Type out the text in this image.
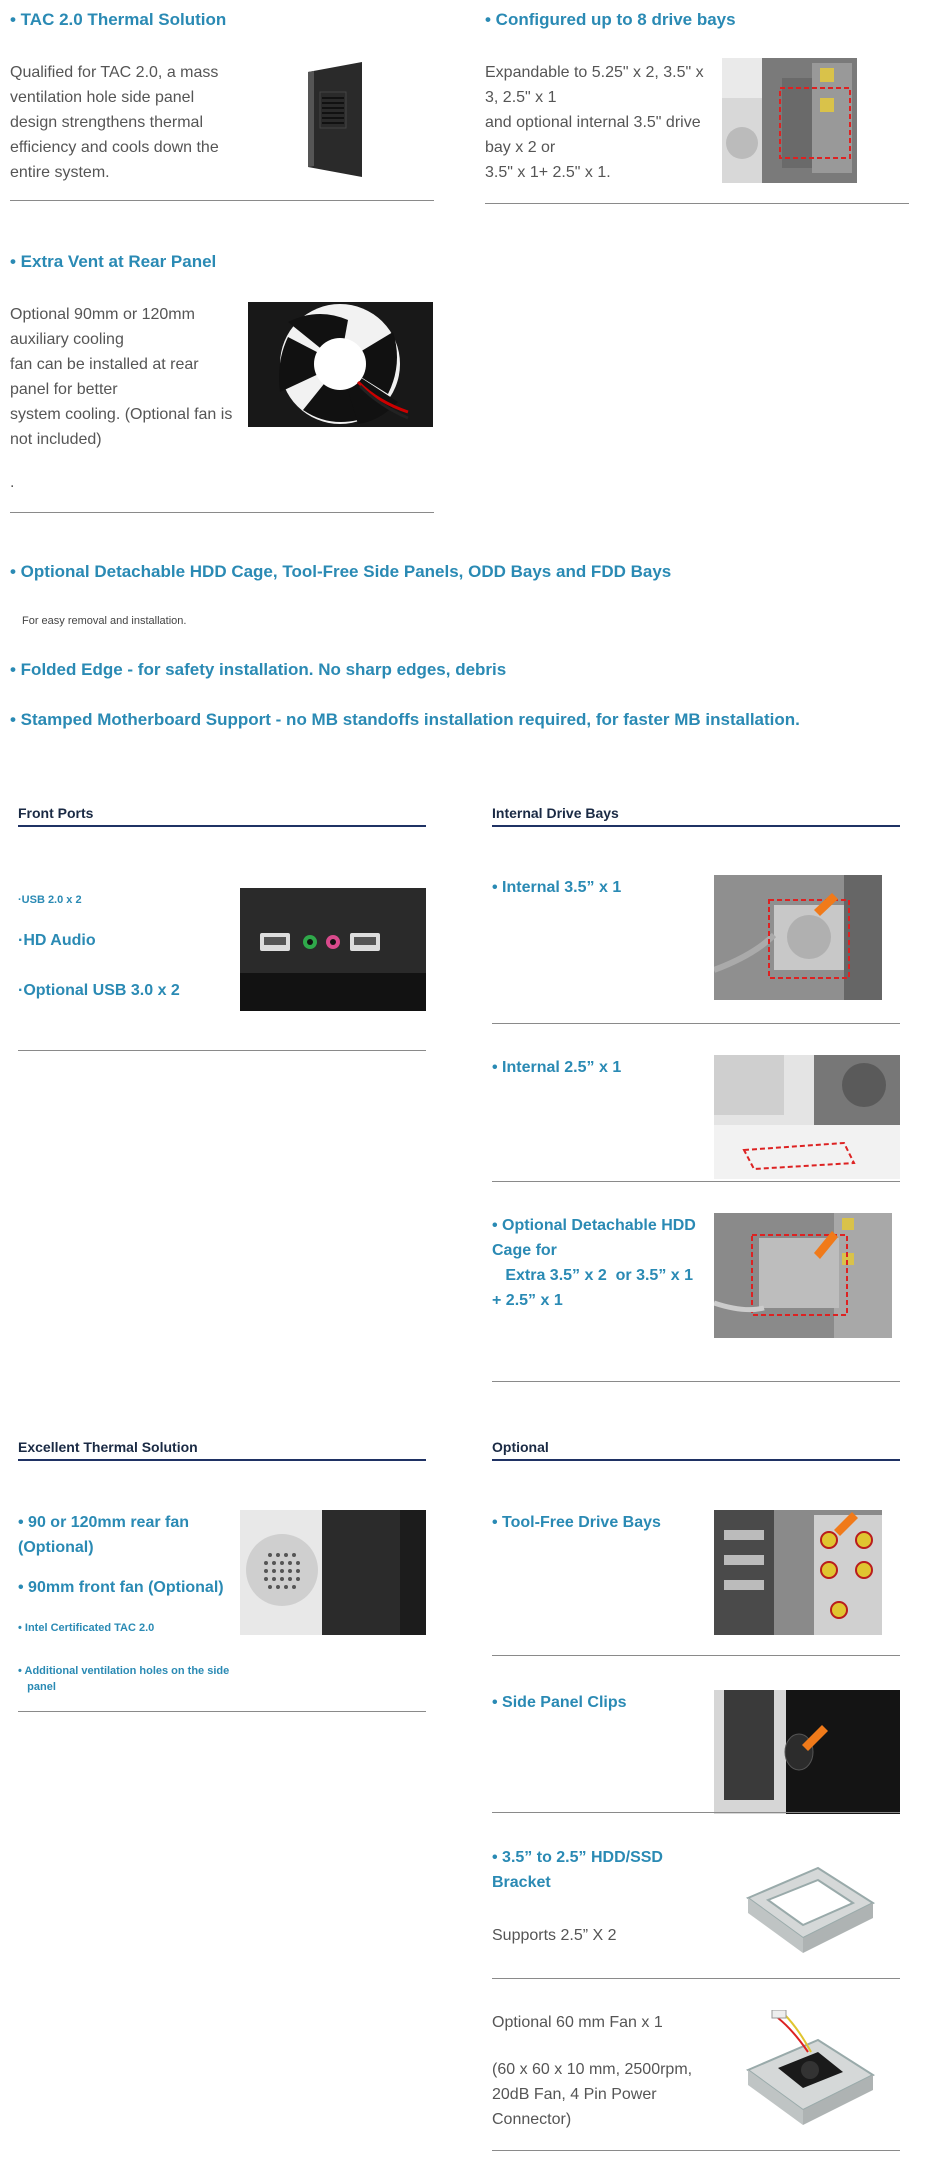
• TAC 2.0 Thermal Solution
Qualified for TAC 2.0, a mass
ventilation hole side panel
design strengthens thermal
efficiency and cools down the
entire system.
• Extra Vent at Rear Panel
Optional 90mm or 120mm
auxiliary cooling
fan can be installed at rear
panel for better
system cooling. (Optional fan is
not included)
.
• Configured up to 8 drive bays
Expandable to 5.25" x 2, 3.5" x
3, 2.5" x 1
and optional internal 3.5" drive
bay x 2 or
3.5" x 1+ 2.5" x 1.
• Optional Detachable HDD Cage, Tool-Free Side Panels, ODD Bays and FDD Bays
For easy removal and installation.
• Folded Edge - for safety installation. No sharp edges, debris
• Stamped Motherboard Support - no MB standoffs installation required, for faster MB installation.
Front Ports
·USB 2.0 x 2
·HD Audio
·Optional USB 3.0 x 2
Internal Drive Bays
• Internal 3.5” x 1
• Internal 2.5” x 1
• Optional Detachable HDD
Cage for
Extra 3.5” x 2  or 3.5” x 1
+ 2.5” x 1
Excellent Thermal Solution
• 90 or 120mm rear fan
(Optional)
• 90mm front fan (Optional)
• Intel Certificated TAC 2.0
• Additional ventilation holes on the side
panel
Optional
• Tool-Free Drive Bays
• Side Panel Clips
• 3.5” to 2.5” HDD/SSD
Bracket
Supports 2.5” X 2
Optional 60 mm Fan x 1
(60 x 60 x 10 mm, 2500rpm,
20dB Fan, 4 Pin Power
Connector)
